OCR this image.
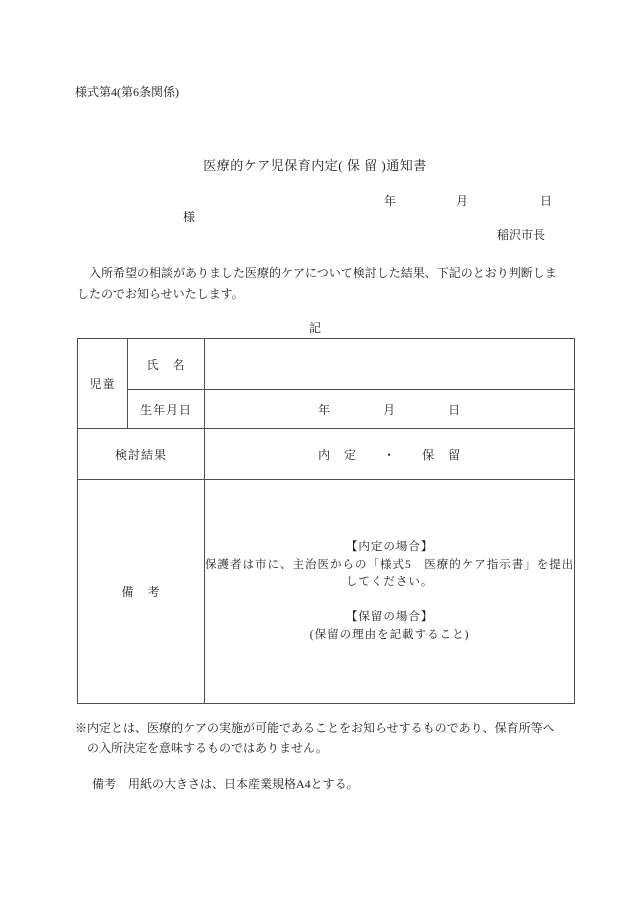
様式第4(第6条関係)
医療的ケア児保育内定( 保 留 )通知書
年　　　　　月　　　　　　日
様
稲沢市長
　入所希望の相談がありました医療的ケアについて検討した結果、下記のとおり判断しま
したのでお知らせいたします。
記
児童	氏　名	
	生年月日	年　　　　月　　　　日
検討結果		内　定　　・　　保　留
備　考		【内定の場合】
保護者は市に、主治医からの「様式5　医療的ケア指示書」を提出
してください。
【保留の場合】
(保留の理由を記載すること)
※内定とは、医療的ケアの実施が可能であることをお知らせするものであり、保育所等へ
　の入所決定を意味するものではありません。
備考　用紙の大きさは、日本産業規格A4とする。
